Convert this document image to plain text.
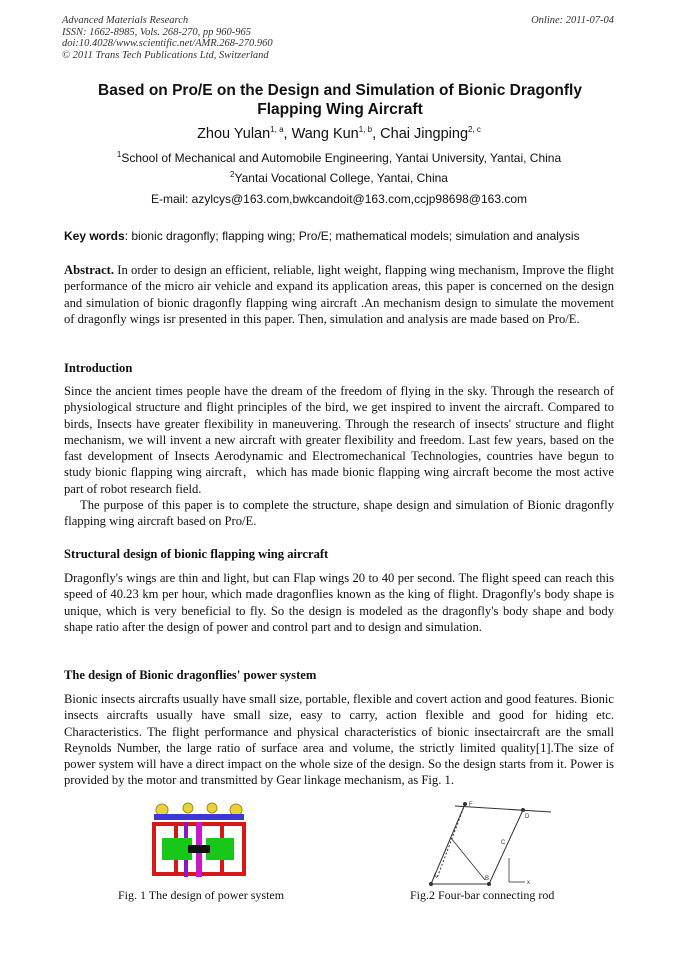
Advanced Materials Research
ISSN: 1662-8985, Vols. 268-270, pp 960-965
doi:10.4028/www.scientific.net/AMR.268-270.960
© 2011 Trans Tech Publications Ltd, Switzerland
Online: 2011-07-04
Based on Pro/E on the Design and Simulation of Bionic Dragonfly
Flapping Wing Aircraft
Zhou Yulan$^{1, a}$, Wang Kun$^{1, b}$, Chai Jingping$^{2, c}$
$^1$School of Mechanical and Automobile Engineering, Yantai University, Yantai, China
$^2$Yantai Vocational College, Yantai, China
E-mail: azylcys@163.com,bwkcandoit@163.com,ccjp98698@163.com
Key words: bionic dragonfly; flapping wing; Pro/E; mathematical models; simulation and analysis
Abstract. In order to design an efficient, reliable, light weight, flapping wing mechanism, Improve the flight performance of the micro air vehicle and expand its application areas, this paper is concerned on the design and simulation of bionic dragonfly flapping wing aircraft .An mechanism design to simulate the movement of dragonfly wings isr presented in this paper. Then, simulation and analysis are made based on Pro/E.
Introduction
Since the ancient times people have the dream of the freedom of flying in the sky. Through the research of physiological structure and flight principles of the bird, we get inspired to invent the aircraft. Compared to birds, Insects have greater flexibility in maneuvering. Through the research of insects' structure and flight mechanism, we will invent a new aircraft with greater flexibility and freedom. Last few years, based on the fast development of Insects Aerodynamic and Electromechanical Technologies, countries have begun to study bionic flapping wing aircraft，which has made bionic flapping wing aircraft become the most active part of robot research field.
The purpose of this paper is to complete the structure, shape design and simulation of Bionic dragonfly flapping wing aircraft based on Pro/E.
Structural design of bionic flapping wing aircraft
Dragonfly's wings are thin and light, but can Flap wings 20 to 40 per second. The flight speed can reach this speed of 40.23 km per hour, which made dragonflies known as the king of flight. Dragonfly's body shape is unique, which is very beneficial to fly. So the design is modeled as the dragonfly's body shape and body shape ratio after the design of power and control part and to design and simulation.
The design of Bionic dragonflies' power system
Bionic insects aircrafts usually have small size, portable, flexible and covert action and good features. Bionic insects aircrafts usually have small size, easy to carry, action flexible and good for hiding etc. Characteristics. The flight performance and physical characteristics of bionic insectaircraft are the small Reynolds Number, the large ratio of surface area and volume, the strictly limited quality[1].The size of power system will have a direct impact on the whole size of the design. So the design starts from it. Power is provided by the motor and transmitted by Gear linkage mechanism, as Fig. 1.
Fig. 1 The design of power system
F
D
C
A	B
x
Fig.2 Four-bar connecting rod
